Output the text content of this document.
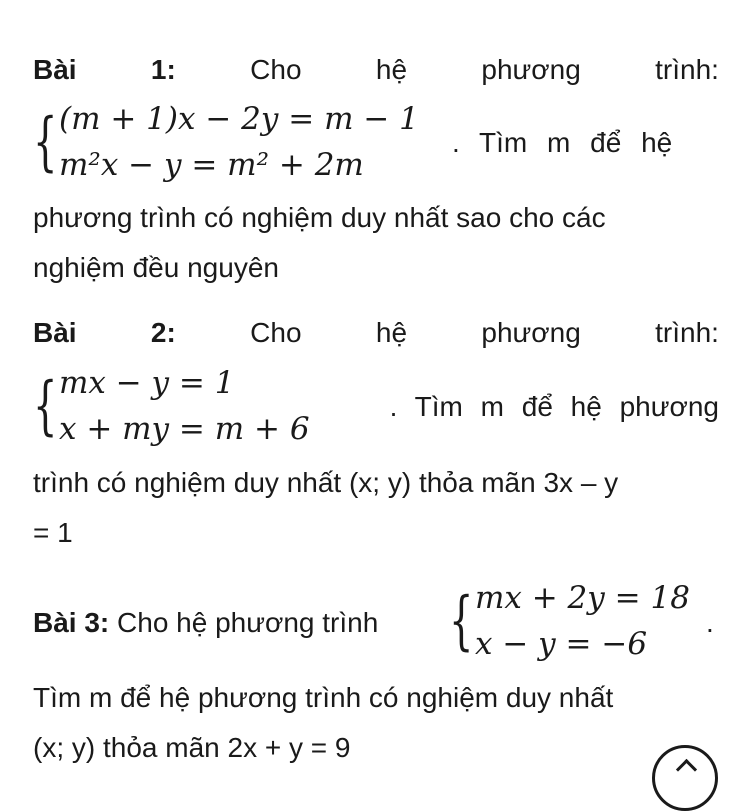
Bài	1:	Cho	hệ	phương	trình:
{ (m + 1)x − 2y = m − 1
m²x − y = m² + 2m
. Tìm m để hệ
phương trình có nghiệm duy nhất sao cho các
nghiệm đều nguyên
Bài	2:	Cho	hệ	phương	trình:
{ mx − y = 1
x + my = m + 6
. Tìm m để hệ phương
trình có nghiệm duy nhất (x; y) thỏa mãn 3x – y
= 1
Bài 3: Cho hệ phương trình	{ mx + 2y = 18
x − y = −6
.
Tìm m để hệ phương trình có nghiệm duy nhất
(x; y) thỏa mãn 2x + y = 9
